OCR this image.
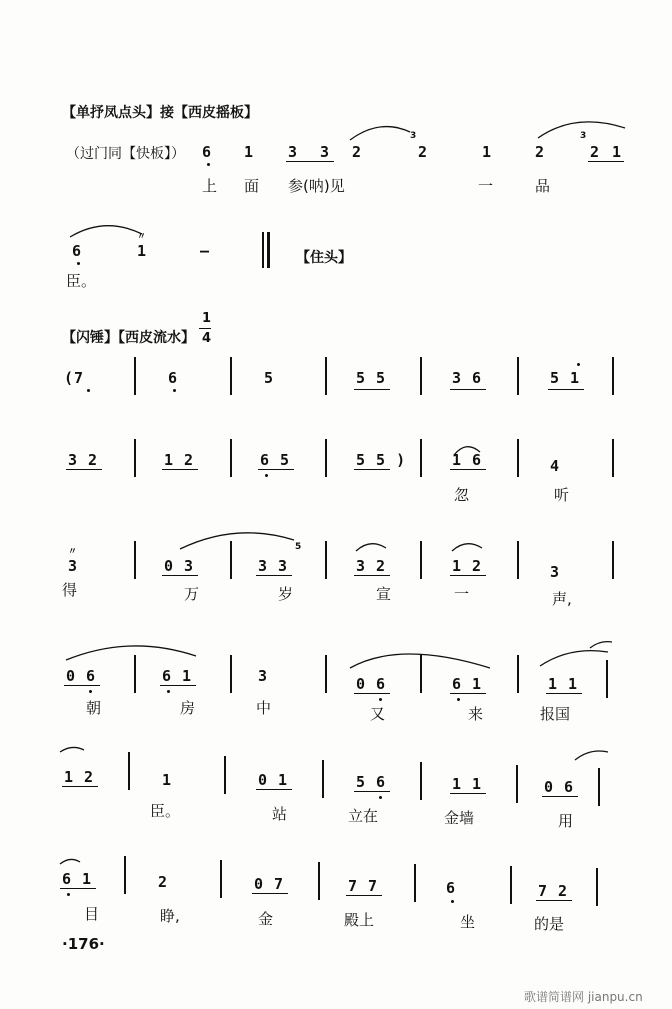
【单抒凤点头】接【西皮摇板】
（过门同【快板】） 6 1 3 3 2
3
2	1	2
3
2 1
上 面 参(呐)见	一	品
6
〃
1	—	【住头】
臣。
【闪锤】【西皮流水】
1
4
(7	6	5	5 5	3 6	5 1
3 2	1 2	6 5	5 5 )	1 6	4
忽	听
〃
3	0 3	3 3
5
3 2	1 2	3
得	万	岁	宣	一	声,
0 6	6 1	3	0 6	6 1	1 1
朝	房	中	又	来	报国
1 2	1	0 1	5 6	1 1	0 6
臣。	站	立在	金墙	用
6 1	2	0 7	7 7	6	7 2
目	睁,	金	殿上	坐	的是
·176·
歌谱简谱网 jianpu.cn
